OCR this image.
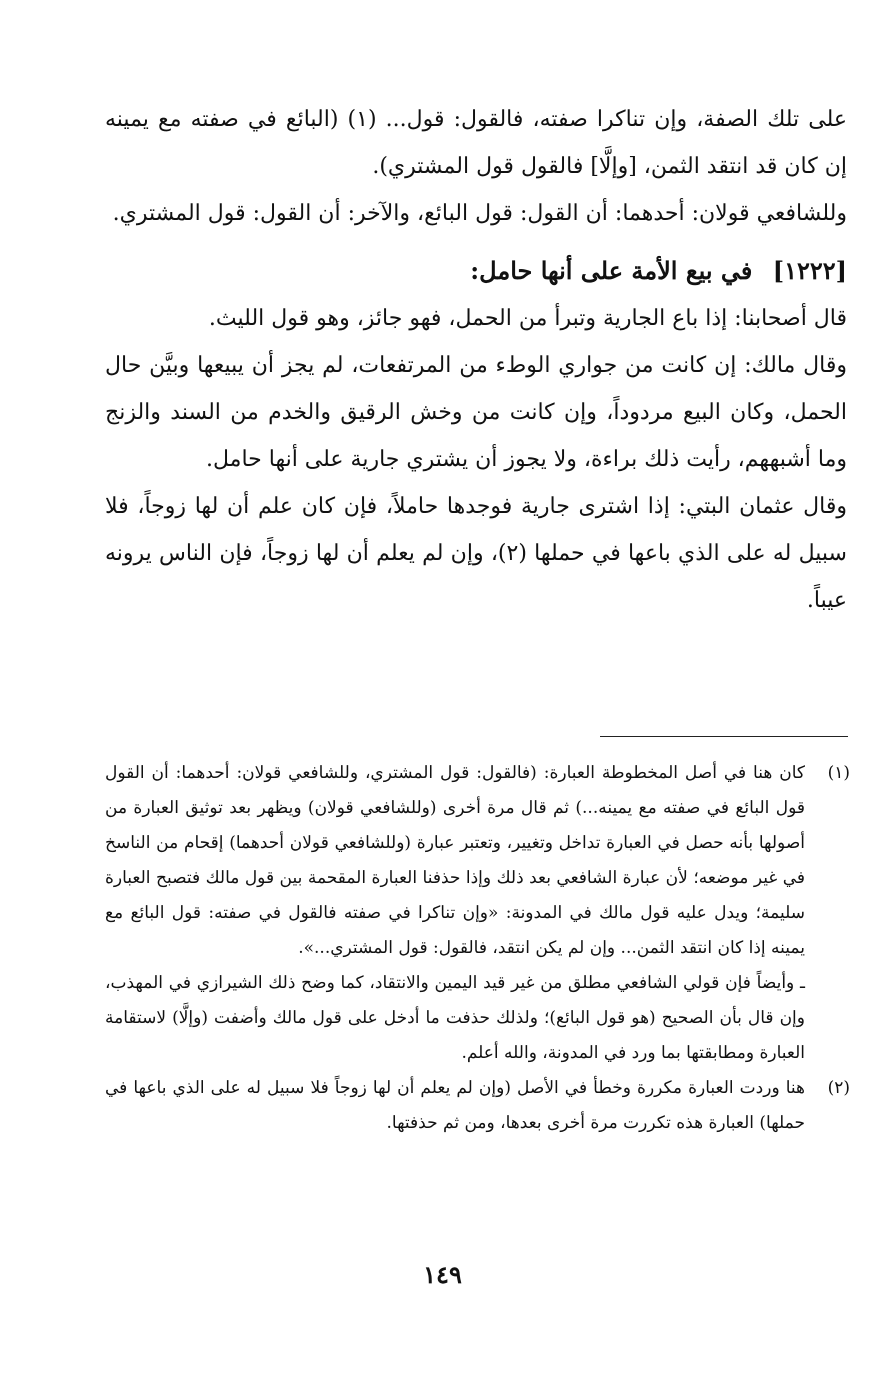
على تلك الصفة، وإن تناكرا صفته، فالقول: قول... (١) (البائع في صفته مع يمينه إن كان قد انتقد الثمن، [وإلَّا] فالقول قول المشتري).

وللشافعي قولان: أحدهما: أن القول: قول البائع، والآخر: أن القول: قول المشتري.

[١٢٢٢] في بيع الأمة على أنها حامل:

قال أصحابنا: إذا باع الجارية وتبرأ من الحمل، فهو جائز، وهو قول الليث.

وقال مالك: إن كانت من جواري الوطء من المرتفعات، لم يجز أن يبيعها وبيَّن حال الحمل، وكان البيع مردوداً، وإن كانت من وخش الرقيق والخدم من السند والزنج وما أشبههم، رأيت ذلك براءة، ولا يجوز أن يشتري جارية على أنها حامل.

وقال عثمان البتي: إذا اشترى جارية فوجدها حاملاً، فإن كان علم أن لها زوجاً، فلا سبيل له على الذي باعها في حملها (٢)، وإن لم يعلم أن لها زوجاً، فإن الناس يرونه عيباً.

(١)
كان هنا في أصل المخطوطة العبارة: (فالقول: قول المشتري، وللشافعي قولان: أحدهما: أن القول قول البائع في صفته مع يمينه...) ثم قال مرة أخرى (وللشافعي قولان) ويظهر بعد توثيق العبارة من أصولها بأنه حصل في العبارة تداخل وتغيير، وتعتبر عبارة (وللشافعي قولان أحدهما) إقحام من الناسخ في غير موضعه؛ لأن عبارة الشافعي بعد ذلك وإذا حذفنا العبارة المقحمة بين قول مالك فتصبح العبارة سليمة؛ ويدل عليه قول مالك في المدونة: «وإن تناكرا في صفته فالقول في صفته: قول البائع مع يمينه إذا كان انتقد الثمن... وإن لم يكن انتقد، فالقول: قول المشتري...».

ـ وأيضاً فإن قولي الشافعي مطلق من غير قيد اليمين والانتقاد، كما وضح ذلك الشيرازي في المهذب، وإن قال بأن الصحيح (هو قول البائع)؛ ولذلك حذفت ما أدخل على قول مالك وأضفت (وإلَّا) لاستقامة العبارة ومطابقتها بما ورد في المدونة، والله أعلم.

(٢)
هنا وردت العبارة مكررة وخطأ في الأصل (وإن لم يعلم أن لها زوجاً فلا سبيل له على الذي باعها في حملها) العبارة هذه تكررت مرة أخرى بعدها، ومن ثم حذفتها.

١٤٩
